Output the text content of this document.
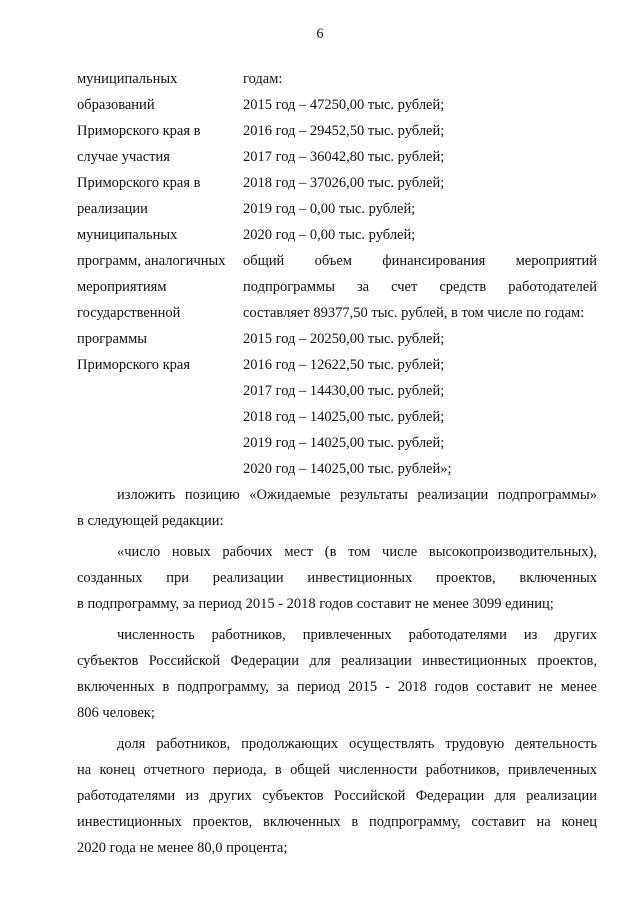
6
муниципальных
образований
Приморского края в
случае участия
Приморского края в
реализации
муниципальных
программ, аналогичных
мероприятиям
государственной
программы
Приморского края
годам:
2015 год – 47250,00 тыс. рублей;
2016 год – 29452,50 тыс. рублей;
2017 год – 36042,80 тыс. рублей;
2018 год – 37026,00 тыс. рублей;
2019 год – 0,00 тыс. рублей;
2020 год – 0,00 тыс. рублей;
общий объем финансирования мероприятий
подпрограммы за счет средств работодателей
составляет 89377,50 тыс. рублей, в том числе по годам:
2015 год – 20250,00 тыс. рублей;
2016 год – 12622,50 тыс. рублей;
2017 год – 14430,00 тыс. рублей;
2018 год – 14025,00 тыс. рублей;
2019 год – 14025,00 тыс. рублей;
2020 год – 14025,00 тыс. рублей»;
изложить позицию «Ожидаемые результаты реализации подпрограммы»
в следующей редакции:
«число новых рабочих мест (в том числе высокопроизводительных),
созданных при реализации инвестиционных проектов, включенных
в подпрограмму, за период 2015 - 2018 годов составит не менее 3099 единиц;
численность работников, привлеченных работодателями из других
субъектов Российской Федерации для реализации инвестиционных проектов,
включенных в подпрограмму, за период 2015 - 2018 годов составит не менее
806 человек;
доля работников, продолжающих осуществлять трудовую деятельность
на конец отчетного периода, в общей численности работников, привлеченных
работодателями из других субъектов Российской Федерации для реализации
инвестиционных проектов, включенных в подпрограмму, составит на конец
2020 года не менее 80,0 процента;
